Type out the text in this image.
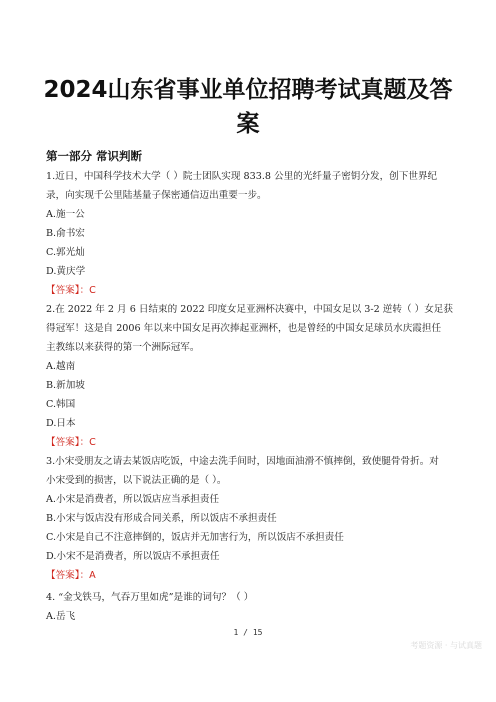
2024山东省事业单位招聘考试真题及答
案
第一部分 常识判断
1.近日，中国科学技术大学（ ）院士团队实现 833.8 公里的光纤量子密钥分发，创下世界纪
录，向实现千公里陆基量子保密通信迈出重要一步。
A.施一公
B.俞书宏
C.郭光灿
D.黄庆学
【答案】：C
2.在 2022 年 2 月 6 日结束的 2022 印度女足亚洲杯决赛中，中国女足以 3-2 逆转（ ）女足获
得冠军！这是自 2006 年以来中国女足再次捧起亚洲杯，也是曾经的中国女足球员水庆霞担任
主教练以来获得的第一个洲际冠军。
A.越南
B.新加坡
C.韩国
D.日本
【答案】：C
3.小宋受朋友之请去某饭店吃饭，中途去洗手间时，因地面油滑不慎摔倒，致使腿骨骨折。对
小宋受到的损害，以下说法正确的是（ ）。
A.小宋是消费者，所以饭店应当承担责任
B.小宋与饭店没有形成合同关系，所以饭店不承担责任
C.小宋是自己不注意摔倒的，饭店并无加害行为，所以饭店不承担责任
D.小宋不是消费者，所以饭店不承担责任
【答案】：A
4. “金戈铁马，气吞万里如虎”是谁的词句？（ ）
A.岳飞
1 / 15
考题资源 · 与试真题
